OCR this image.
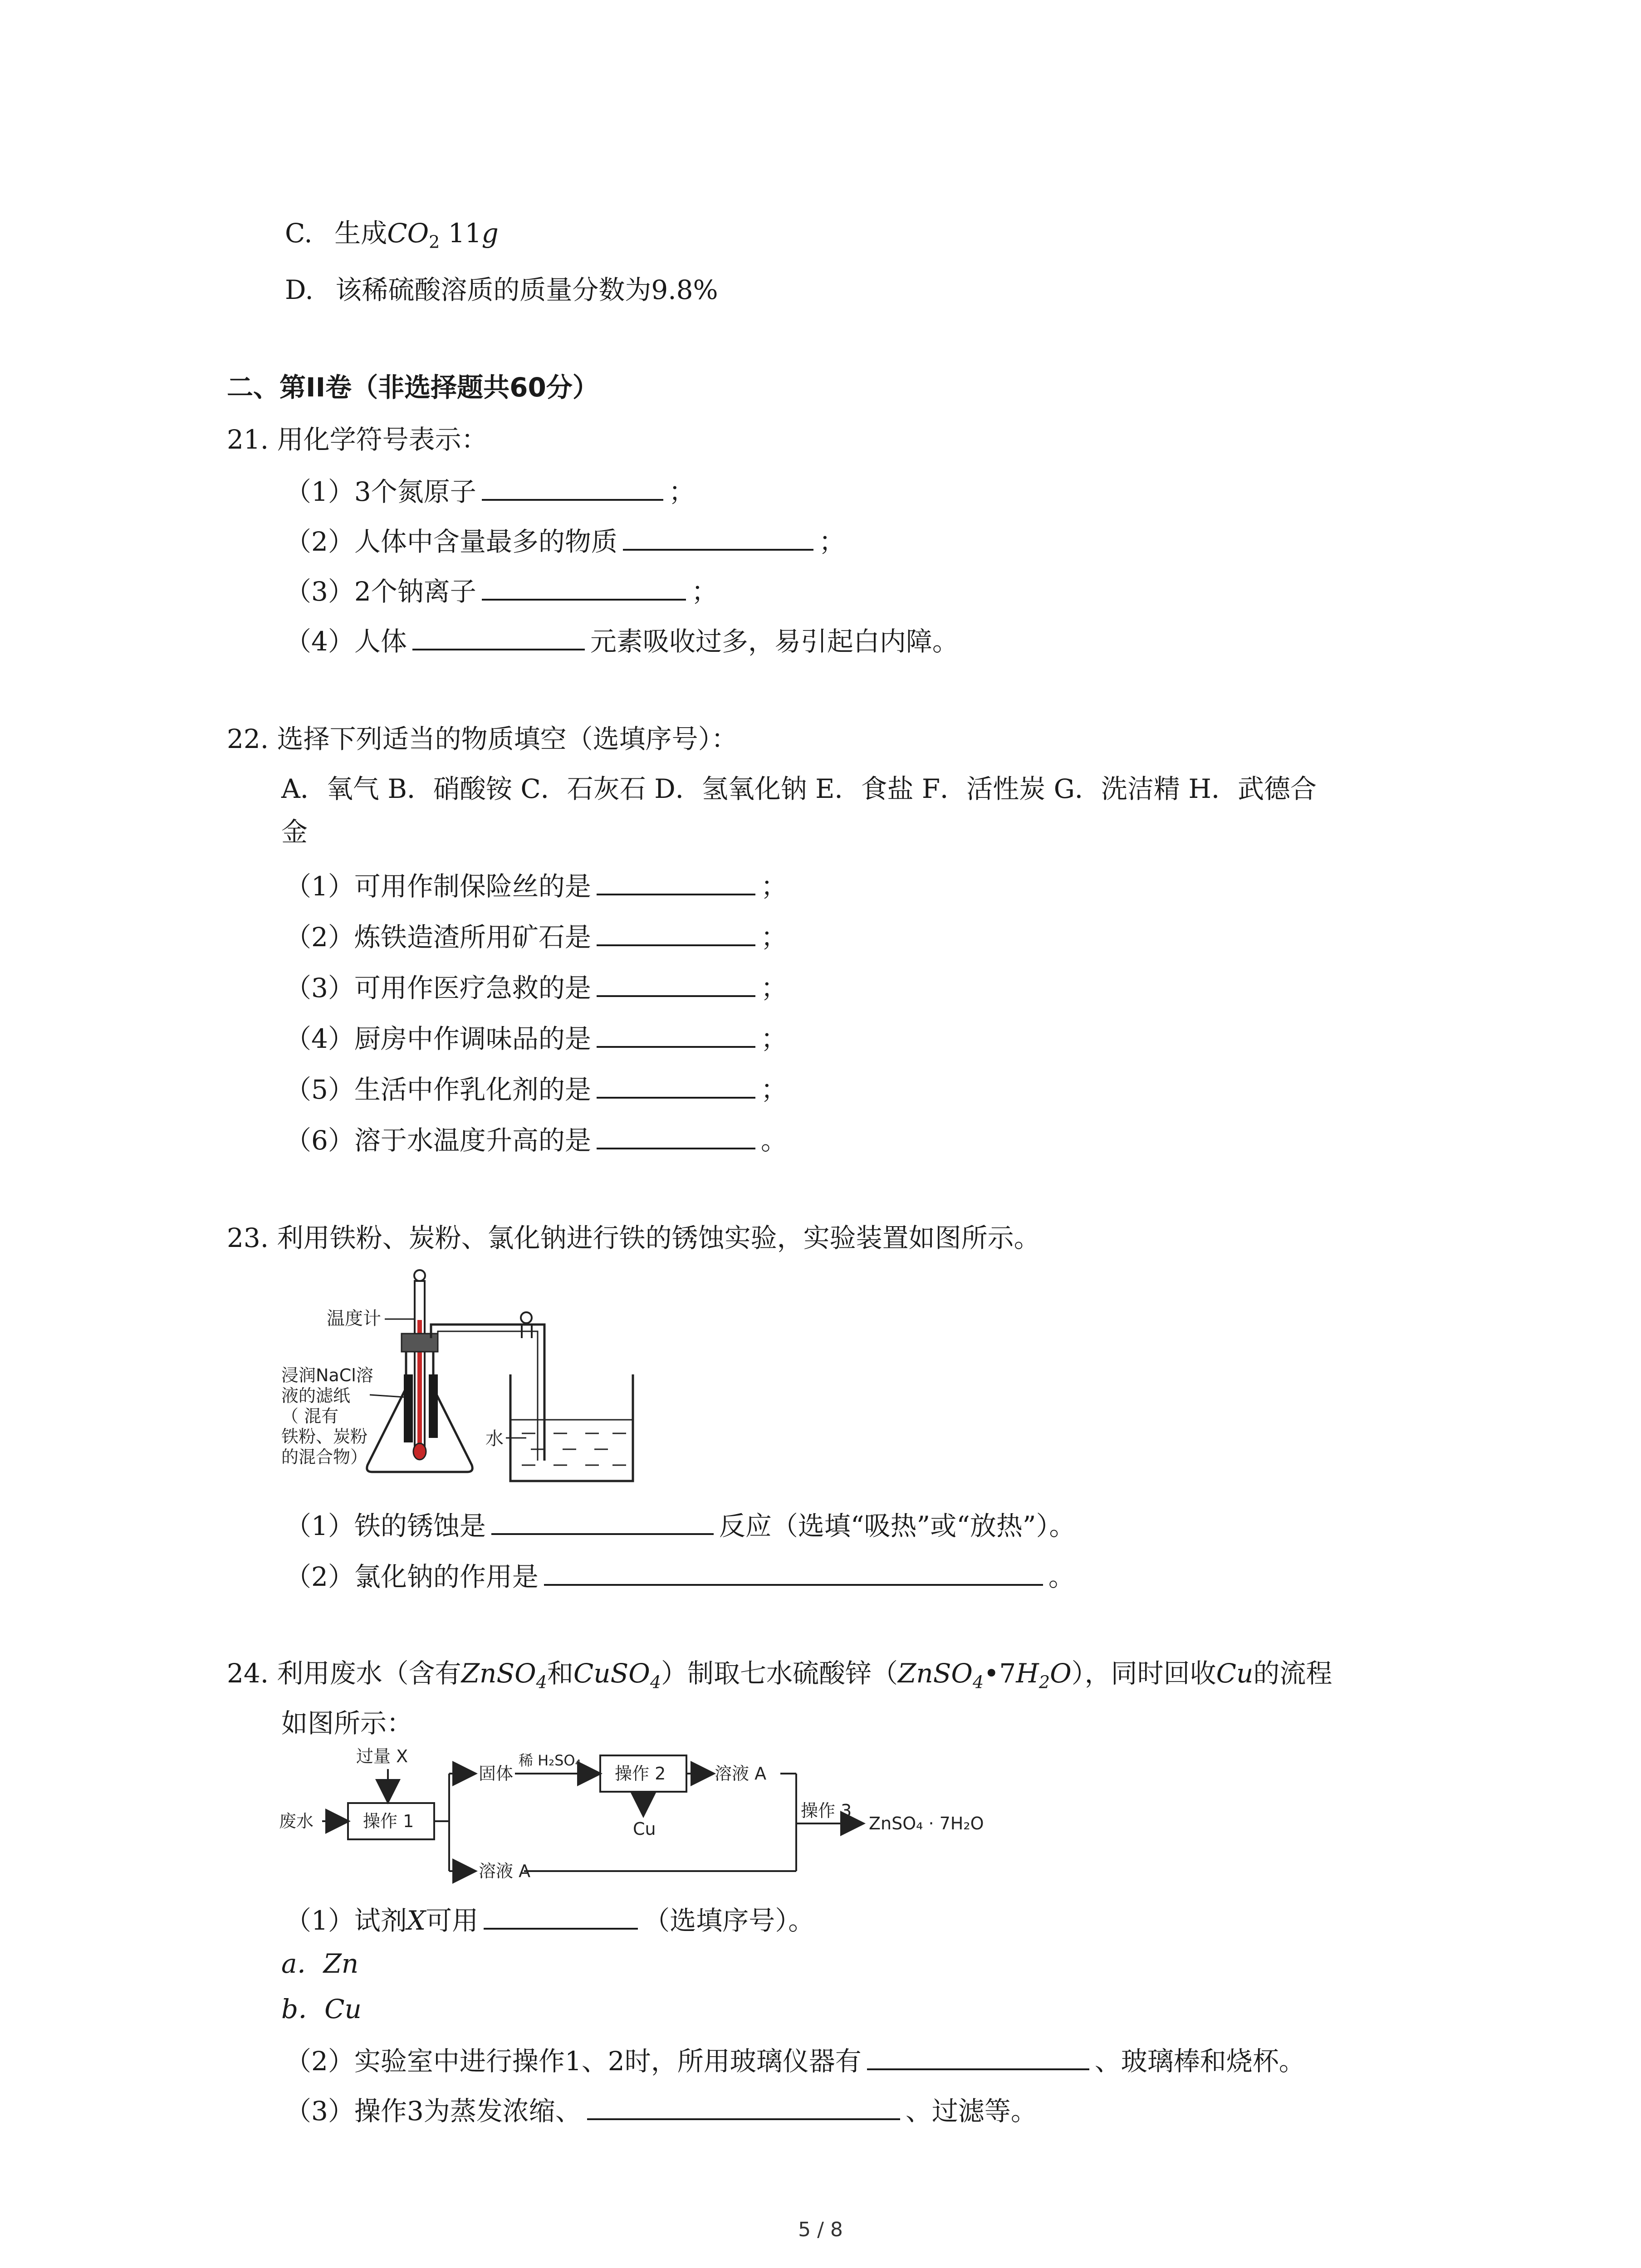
C. 生成$CO_2$ 11g
D. 该稀硫酸溶质的质量分数为9.8%
二、第II卷（非选择题共60分）
21. 用化学符号表示：
（1）3个氮原子	；
（2）人体中含量最多的物质	；
（3）2个钠离子	；
（4）人体	元素吸收过多，易引起白内障。
22. 选择下列适当的物质填空（选填序号）：
A．氧气 B．硝酸铵 C．石灰石 D．氢氧化钠 E．食盐 F．活性炭 G．洗洁精 H．武德合
金
（1）可用作制保险丝的是	；
（2）炼铁造渣所用矿石是	；
（3）可用作医疗急救的是	；
（4）厨房中作调味品的是	；
（5）生活中作乳化剂的是	；
（6）溶于水温度升高的是	。
23. 利用铁粉、炭粉、氯化钠进行铁的锈蚀实验，实验装置如图所示。
温度计
水
浸润NaCl溶
液的滤纸
（ 混有
铁粉、炭粉
的混合物）
（1）铁的锈蚀是	反应（选填“吸热”或“放热”）。
（2）氯化钠的作用是	。
24. 利用废水（含有ZnSO$_4$和CuSO$_4$）制取七水硫酸锌$(ZnSO_4•7H_2O)$，同时回收Cu的流程
如图所示：
过量 X
废水	操作 1
固体
稀 H₂SO₄
操作 2
Cu
溶液 A
操作 3
ZnSO₄ · 7H₂O
溶液 A
（1）试剂X可用	（选填序号）。
a．Zn
b．Cu
（2）实验室中进行操作1、2时，所用玻璃仪器有	、玻璃棒和烧杯。
（3）操作3为蒸发浓缩、	、过滤等。
5 / 8
